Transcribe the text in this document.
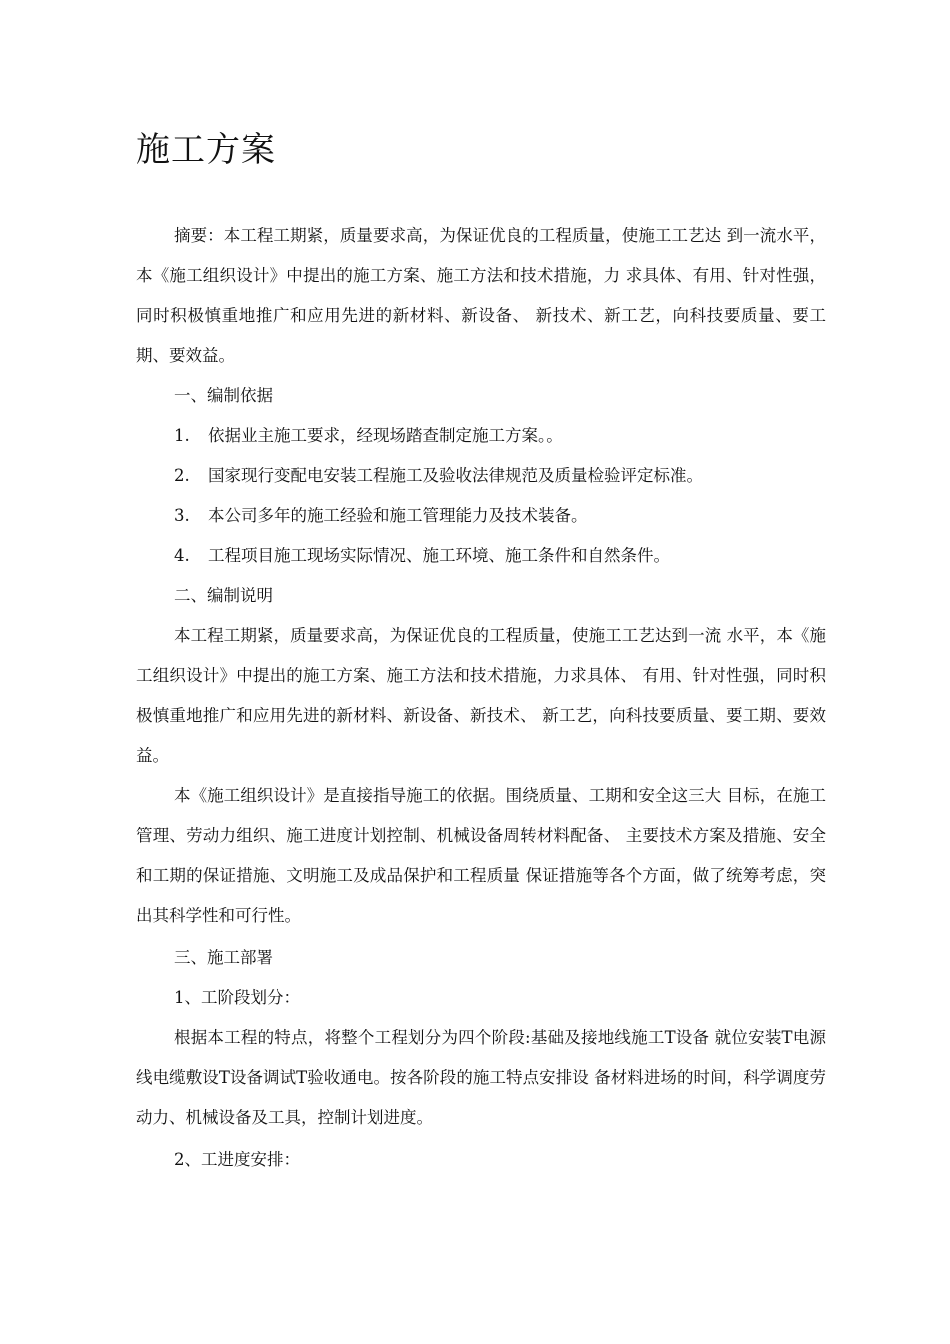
施工方案

摘要：本工程工期紧，质量要求高，为保证优良的工程质量，使施工工艺达 到一流水平，本《施工组织设计》中提出的施工方案、施工方法和技术措施，力 求具体、有用、针对性强，同时积极慎重地推广和应用先进的新材料、新设备、 新技术、新工艺，向科技要质量、要工期、要效益。

一、编制依据

1. 依据业主施工要求，经现场踏查制定施工方案。。

2. 国家现行变配电安装工程施工及验收法律规范及质量检验评定标准。

3. 本公司多年的施工经验和施工管理能力及技术装备。

4. 工程项目施工现场实际情况、施工环境、施工条件和自然条件。

二、编制说明

本工程工期紧，质量要求高，为保证优良的工程质量，使施工工艺达到一流 水平，本《施工组织设计》中提出的施工方案、施工方法和技术措施，力求具体、 有用、针对性强，同时积极慎重地推广和应用先进的新材料、新设备、新技术、 新工艺，向科技要质量、要工期、要效益。

本《施工组织设计》是直接指导施工的依据。围绕质量、工期和安全这三大 目标，在施工管理、劳动力组织、施工进度计划控制、机械设备周转材料配备、 主要技术方案及措施、安全和工期的保证措施、文明施工及成品保护和工程质量 保证措施等各个方面，做了统筹考虑，突出其科学性和可行性。

三、施工部署

1、工阶段划分：

根据本工程的特点，将整个工程划分为四个阶段:基础及接地线施工T设备 就位安装T电源线电缆敷设T设备调试T验收通电。按各阶段的施工特点安排设 备材料进场的时间，科学调度劳动力、机械设备及工具，控制计划进度。

2、工进度安排：
